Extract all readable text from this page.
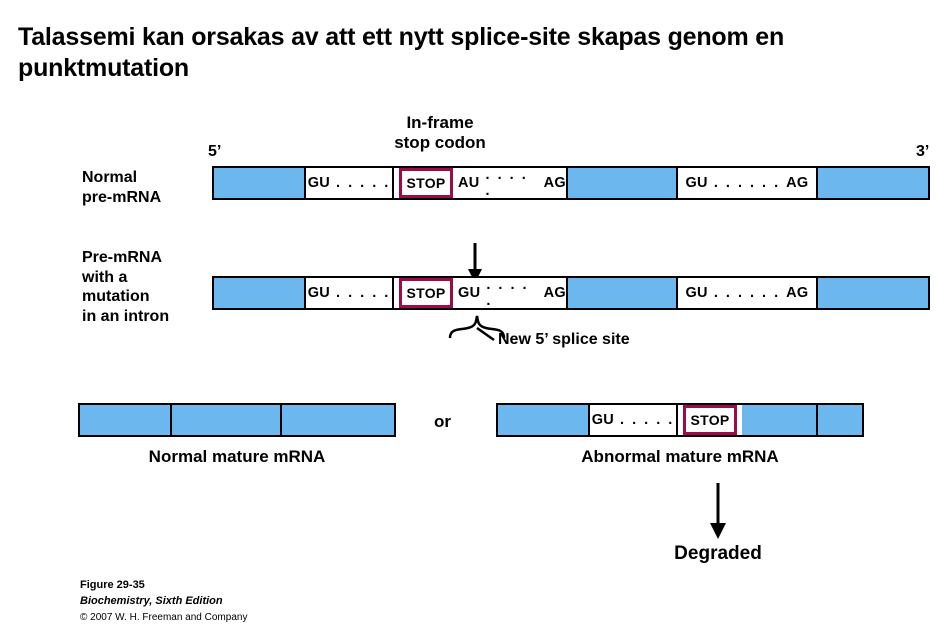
Talassemi kan orsakas av att ett nytt splice-site skapas genom en punktmutation
In-frame
stop codon
5’	3’
Normal
pre-mRNA
GU . . . . .	STOP AU . . . . .	AG	GU . . . . . . AG
Pre-mRNA
with a
mutation
in an intron
GU . . . . .	STOP GU . . . . .	AG	GU . . . . . . AG
New 5’ splice site
Normal mature mRNA
or	GU . . . . .	STOP
Abnormal mature mRNA
Degraded
Figure 29-35
Biochemistry, Sixth Edition
© 2007 W. H. Freeman and Company
